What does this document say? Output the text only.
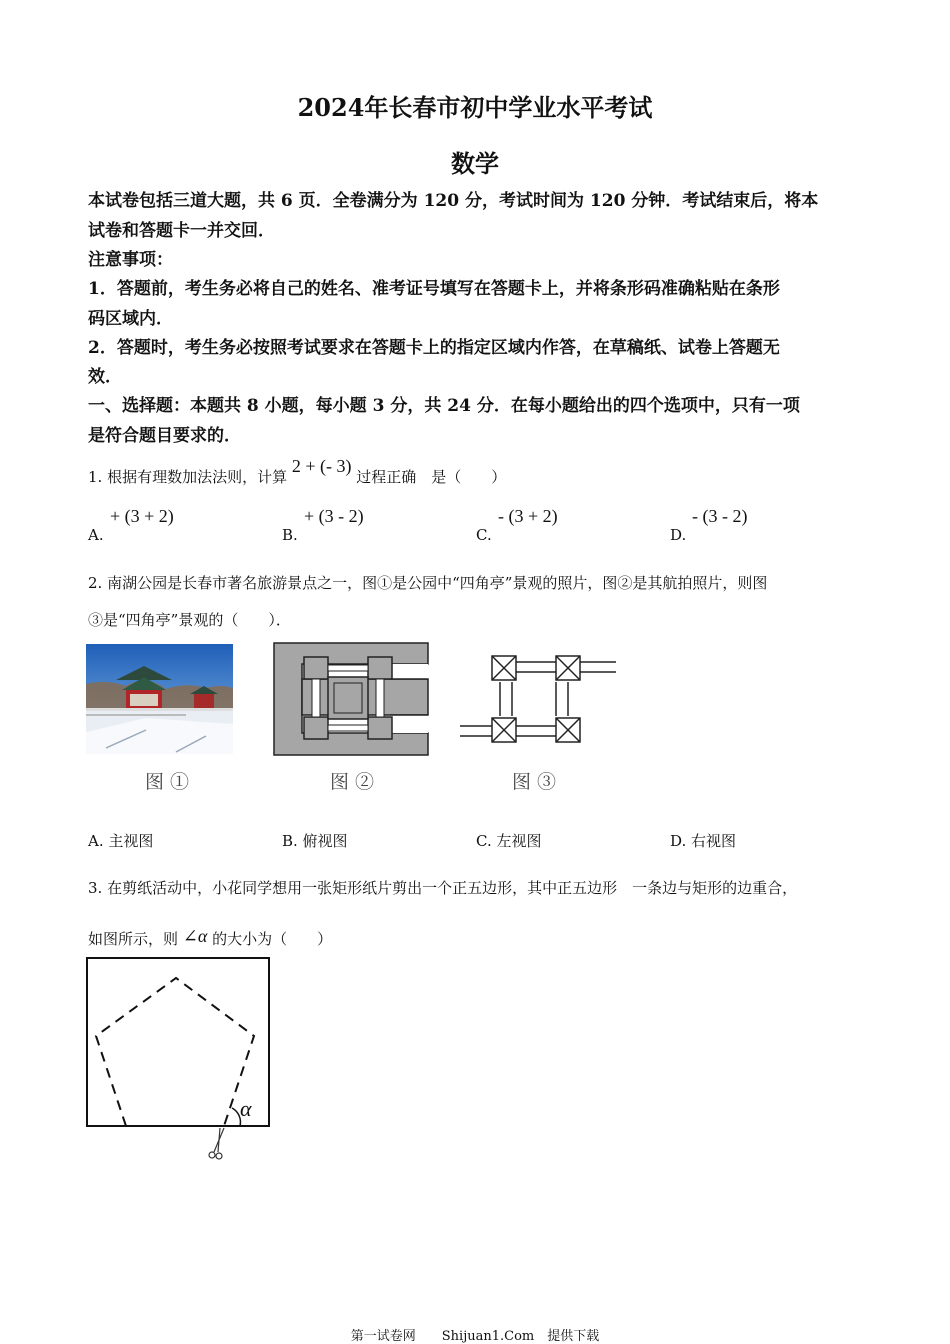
2024年长春市初中学业水平考试
数学
本试卷包括三道大题，共 6 页．全卷满分为 120 分，考试时间为 120 分钟．考试结束后，将本
试卷和答题卡一并交回．
注意事项：
1．答题前，考生务必将自己的姓名、准考证号填写在答题卡上，并将条形码准确粘贴在条形
码区域内．
2．答题时，考生务必按照考试要求在答题卡上的指定区域内作答，在草稿纸、试卷上答题无
效．
一、选择题：本题共 8 小题，每小题 3 分，共 24 分．在每小题给出的四个选项中，只有一项
是符合题目要求的．
1. 根据有理数加法法则，计算 2 + (- 3) 过程正确　是（　　）
A.
+ (3 + 2)
B.
+ (3 - 2)
C.
- (3 + 2)
D.
- (3 - 2)
2. 南湖公园是长春市著名旅游景点之一，图①是公园中“四角亭”景观的照片，图②是其航拍照片，则图
③是“四角亭”景观的（　　）．
图 ①	图 ②	图 ③
A. 主视图	B. 俯视图	C. 左视图	D. 右视图
3. 在剪纸活动中，小花同学想用一张矩形纸片剪出一个正五边形，其中正五边形　一条边与矩形的边重合，
如图所示，则 ∠α 的大小为（　　）
α
第一试卷网　　Shijuan1.Com　提供下载
